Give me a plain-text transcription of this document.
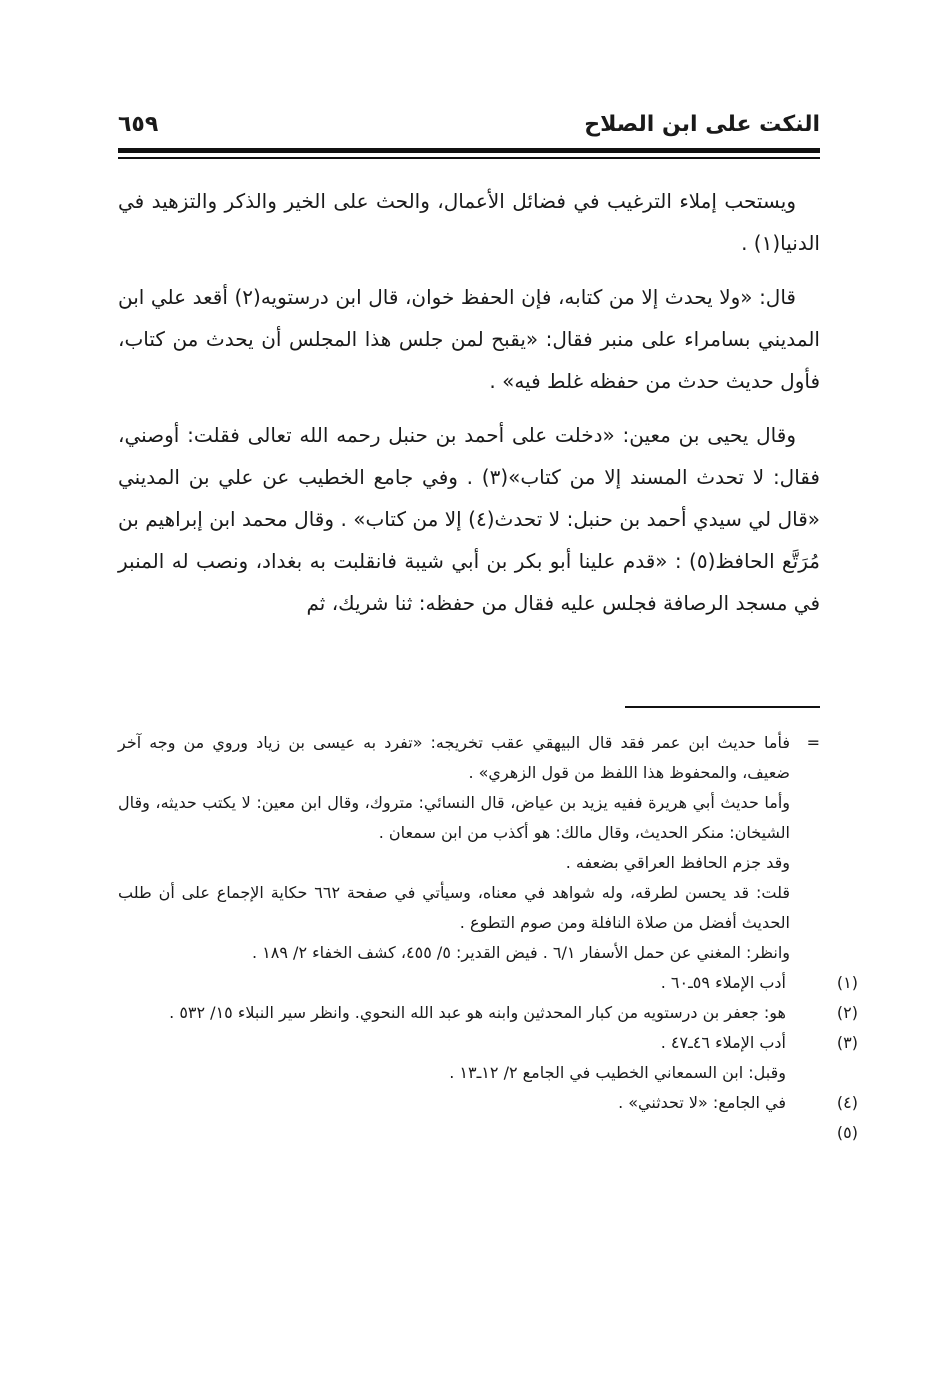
النكت على ابن الصلاح
٦٥٩

ويستحب إملاء الترغيب في فضائل الأعمال، والحث على الخير والذكر والتزهيد في الدنيا(١) .

قال: «ولا يحدث إلا من كتابه، فإن الحفظ خوان، قال ابن درستويه(٢) أقعد علي ابن المديني بسامراء على منبر فقال: «يقبح لمن جلس هذا المجلس أن يحدث من كتاب، فأول حديث حدث من حفظه غلط فيه» .

وقال يحيى بن معين: «دخلت على أحمد بن حنبل رحمه الله تعالى فقلت: أوصني، فقال: لا تحدث المسند إلا من كتاب»(٣) . وفي جامع الخطيب عن علي بن المديني «قال لي سيدي أحمد بن حنبل: لا تحدث(٤) إلا من كتاب» . وقال محمد ابن إبراهيم بن مُرَتَّع الحافظ(٥) : «قدم علينا أبو بكر بن أبي شيبة فانقلبت به بغداد، ونصب له المنبر في مسجد الرصافة فجلس عليه فقال من حفظه: ثنا شريك، ثم

=

فأما حديث ابن عمر فقد قال البيهقي عقب تخريجه: «تفرد به عيسى بن زياد وروي من وجه آخر ضعيف، والمحفوظ هذا اللفظ من قول الزهري» .

وأما حديث أبي هريرة ففيه يزيد بن عياض، قال النسائي: متروك، وقال ابن معين: لا يكتب حديثه، وقال الشيخان: منكر الحديث، وقال مالك: هو أكذب من ابن سمعان .

وقد جزم الحافظ العراقي بضعفه .

قلت: قد يحسن لطرقه، وله شواهد في معناه، وسيأتي في صفحة ٦٦٢ حكاية الإجماع على أن طلب الحديث أفضل من صلاة النافلة ومن صوم التطوع .

وانظر: المغني عن حمل الأسفار ٦/١ . فيض القدير: ٥/ ٤٥٥، كشف الخفاء ٢/ ١٨٩ .

(١)أدب الإملاء ٥٩ـ٦٠ .

(٢)هو: جعفر بن درستويه من كبار المحدثين وابنه هو عبد الله النحوي. وانظر سير النبلاء ١٥/ ٥٣٢ .

(٣)أدب الإملاء ٤٦ـ٤٧ .

وقبل: ابن السمعاني الخطيب في الجامع ٢/ ١٢ـ١٣ .

(٤)في الجامع: «لا تحدثني» .

(٥)
